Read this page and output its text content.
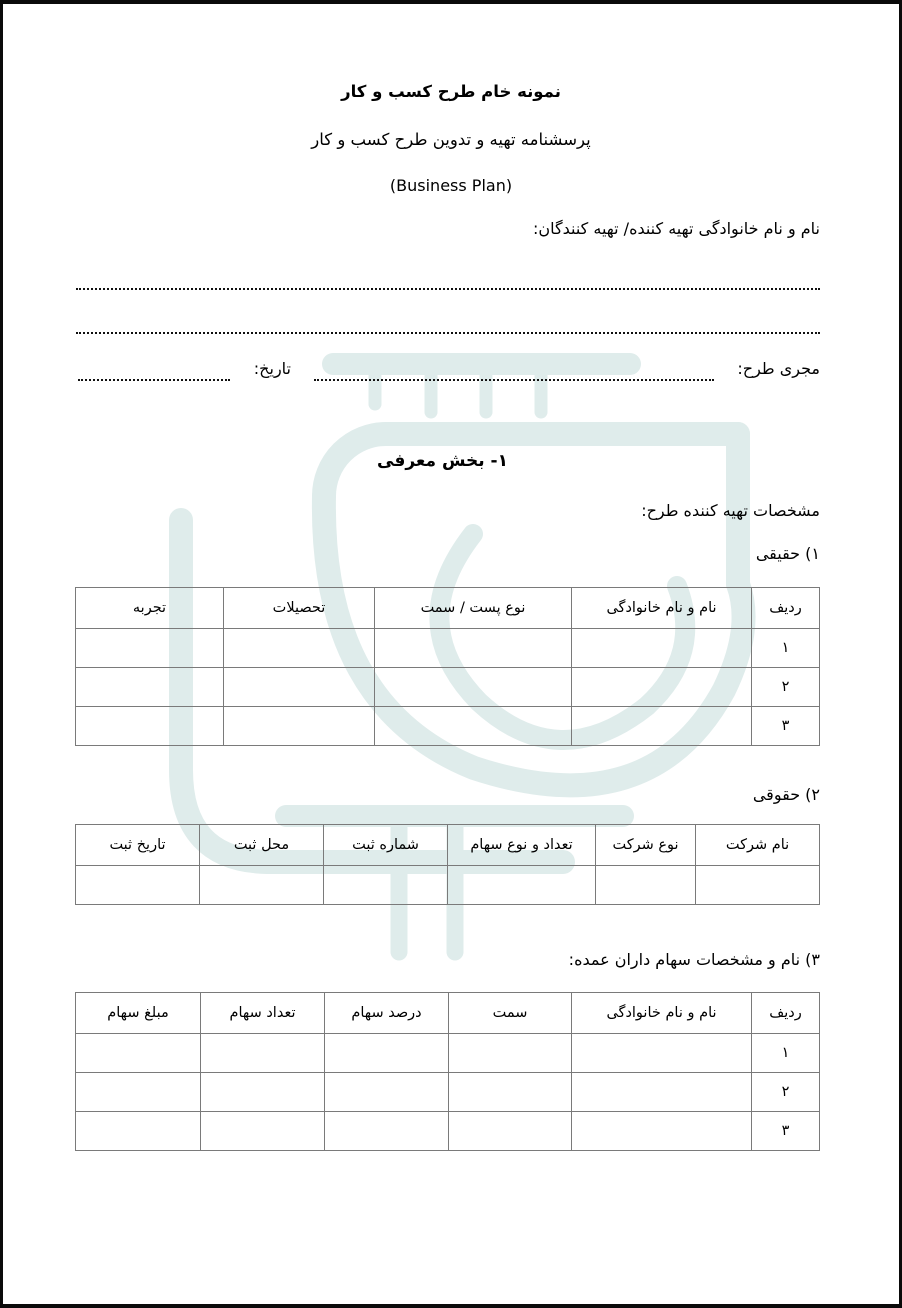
نمونه خام طرح کسب و کار
پرسشنامه تهیه و تدوین طرح کسب و کار
(Business Plan)
نام و نام خانوادگی تهیه کننده/ تهیه کنندگان:
مجری طرح:
تاریخ:
۱- بخش معرفی
مشخصات تهیه کننده طرح:
۱) حقیقی
ردیف	نام و نام خانوادگی	نوع پست / سمت	تحصیلات	تجربه
۱				
۲				
۳				
۲) حقوقی
نام شرکت	نوع شرکت	تعداد و نوع سهام	شماره ثبت	محل ثبت	تاریخ ثبت

۳) نام و مشخصات سهام داران عمده:
ردیف	نام و نام خانوادگی	سمت	درصد سهام	تعداد سهام	مبلغ سهام
۱					
۲					
۳					
